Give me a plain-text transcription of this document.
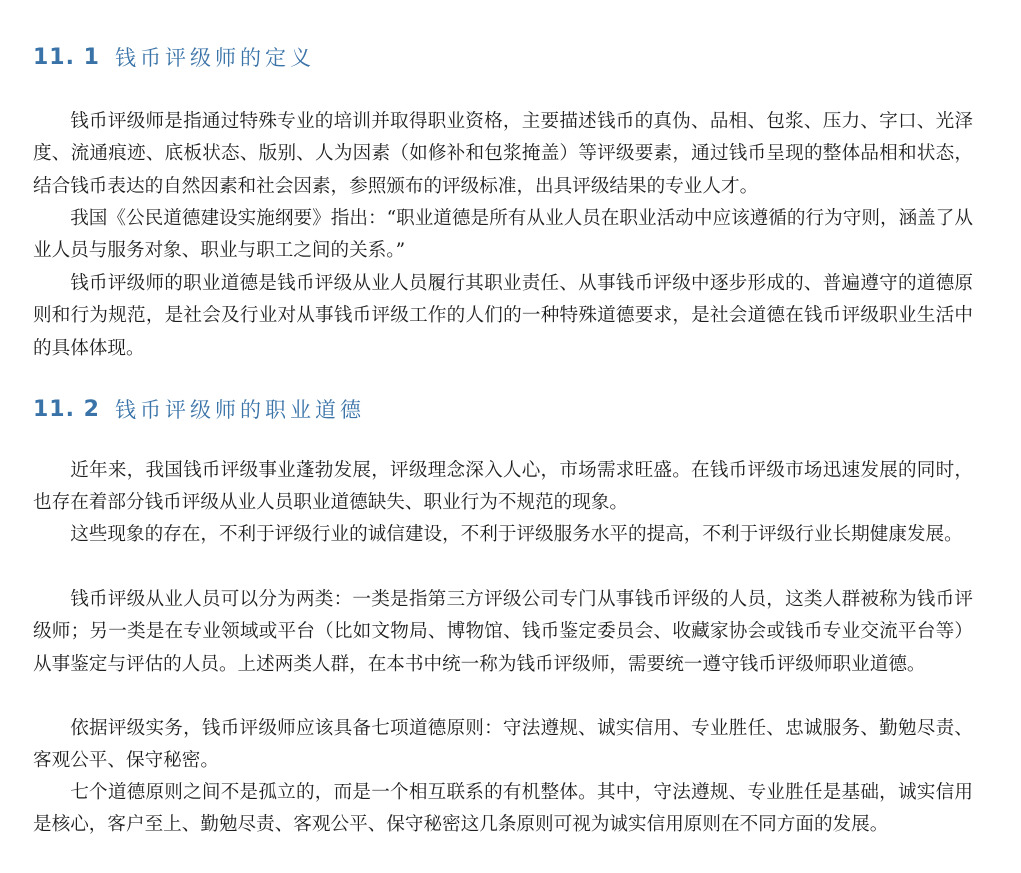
11. 1 钱币评级师的定义

钱币评级师是指通过特殊专业的培训并取得职业资格，主要描述钱币的真伪、品相、包浆、压力、字口、光泽度、流通痕迹、底板状态、版别、人为因素（如修补和包浆掩盖）等评级要素，通过钱币呈现的整体品相和状态，结合钱币表达的自然因素和社会因素，参照颁布的评级标准，出具评级结果的专业人才。

我国《公民道德建设实施纲要》指出：“职业道德是所有从业人员在职业活动中应该遵循的行为守则，涵盖了从业人员与服务对象、职业与职工之间的关系。”

钱币评级师的职业道德是钱币评级从业人员履行其职业责任、从事钱币评级中逐步形成的、普遍遵守的道德原则和行为规范，是社会及行业对从事钱币评级工作的人们的一种特殊道德要求，是社会道德在钱币评级职业生活中的具体体现。

11. 2 钱币评级师的职业道德

近年来，我国钱币评级事业蓬勃发展，评级理念深入人心，市场需求旺盛。在钱币评级市场迅速发展的同时，也存在着部分钱币评级从业人员职业道德缺失、职业行为不规范的现象。

这些现象的存在，不利于评级行业的诚信建设，不利于评级服务水平的提高，不利于评级行业长期健康发展。

钱币评级从业人员可以分为两类：一类是指第三方评级公司专门从事钱币评级的人员，这类人群被称为钱币评级师；另一类是在专业领域或平台（比如文物局、博物馆、钱币鉴定委员会、收藏家协会或钱币专业交流平台等）从事鉴定与评估的人员。上述两类人群，在本书中统一称为钱币评级师，需要统一遵守钱币评级师职业道德。

依据评级实务，钱币评级师应该具备七项道德原则：守法遵规、诚实信用、专业胜任、忠诚服务、勤勉尽责、客观公平、保守秘密。

七个道德原则之间不是孤立的，而是一个相互联系的有机整体。其中，守法遵规、专业胜任是基础，诚实信用是核心，客户至上、勤勉尽责、客观公平、保守秘密这几条原则可视为诚实信用原则在不同方面的发展。
